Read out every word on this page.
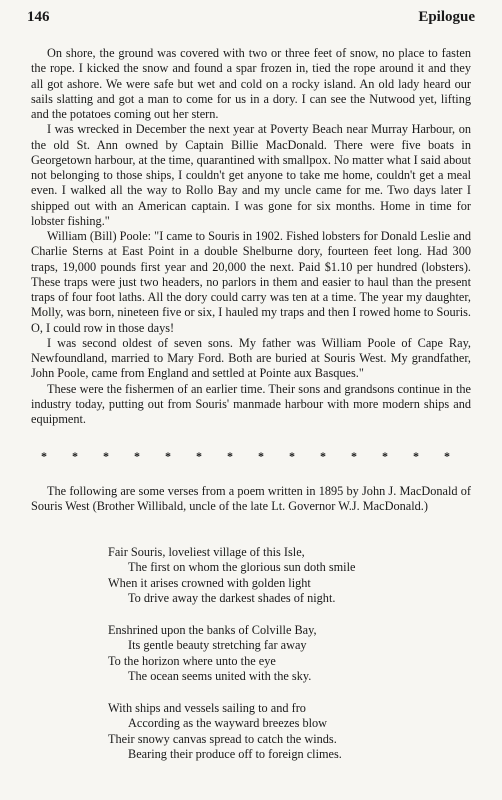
146	Epilogue

On shore, the ground was covered with two or three feet of snow, no place to fasten the rope. I kicked the snow and found a spar frozen in, tied the rope around it and they all got ashore. We were safe but wet and cold on a rocky island. An old lady heard our sails slatting and got a man to come for us in a dory. I can see the Nutwood yet, lifting and the potatoes coming out her stern.

I was wrecked in December the next year at Poverty Beach near Murray Harbour, on the old St. Ann owned by Captain Billie MacDonald. There were five boats in Georgetown harbour, at the time, quarantined with smallpox. No matter what I said about not belonging to those ships, I couldn't get anyone to take me home, couldn't get a meal even. I walked all the way to Rollo Bay and my uncle came for me. Two days later I shipped out with an American captain. I was gone for six months. Home in time for lobster fishing."

William (Bill) Poole: "I came to Souris in 1902. Fished lobsters for Donald Leslie and Charlie Sterns at East Point in a double Shelburne dory, fourteen feet long. Had 300 traps, 19,000 pounds first year and 20,000 the next. Paid $1.10 per hundred (lobsters). These traps were just two headers, no parlors in them and easier to haul than the present traps of four foot laths. All the dory could carry was ten at a time. The year my daughter, Molly, was born, nineteen five or six, I hauled my traps and then I rowed home to Souris. O, I could row in those days!

I was second oldest of seven sons. My father was William Poole of Cape Ray, Newfoundland, married to Mary Ford. Both are buried at Souris West. My grandfather, John Poole, came from England and settled at Pointe aux Basques."

These were the fishermen of an earlier time. Their sons and grandsons continue in the industry today, putting out from Souris' manmade harbour with more modern ships and equipment.

* * * * * * * * * * * * * *

The following are some verses from a poem written in 1895 by John J. MacDonald of Souris West (Brother Willibald, uncle of the late Lt. Governor W.J. MacDonald.)

Fair Souris, loveliest village of this Isle,
The first on whom the glorious sun doth smile
When it arises crowned with golden light
To drive away the darkest shades of night.
Enshrined upon the banks of Colville Bay,
Its gentle beauty stretching far away
To the horizon where unto the eye
The ocean seems united with the sky.
With ships and vessels sailing to and fro
According as the wayward breezes blow
Their snowy canvas spread to catch the winds.
Bearing their produce off to foreign climes.
